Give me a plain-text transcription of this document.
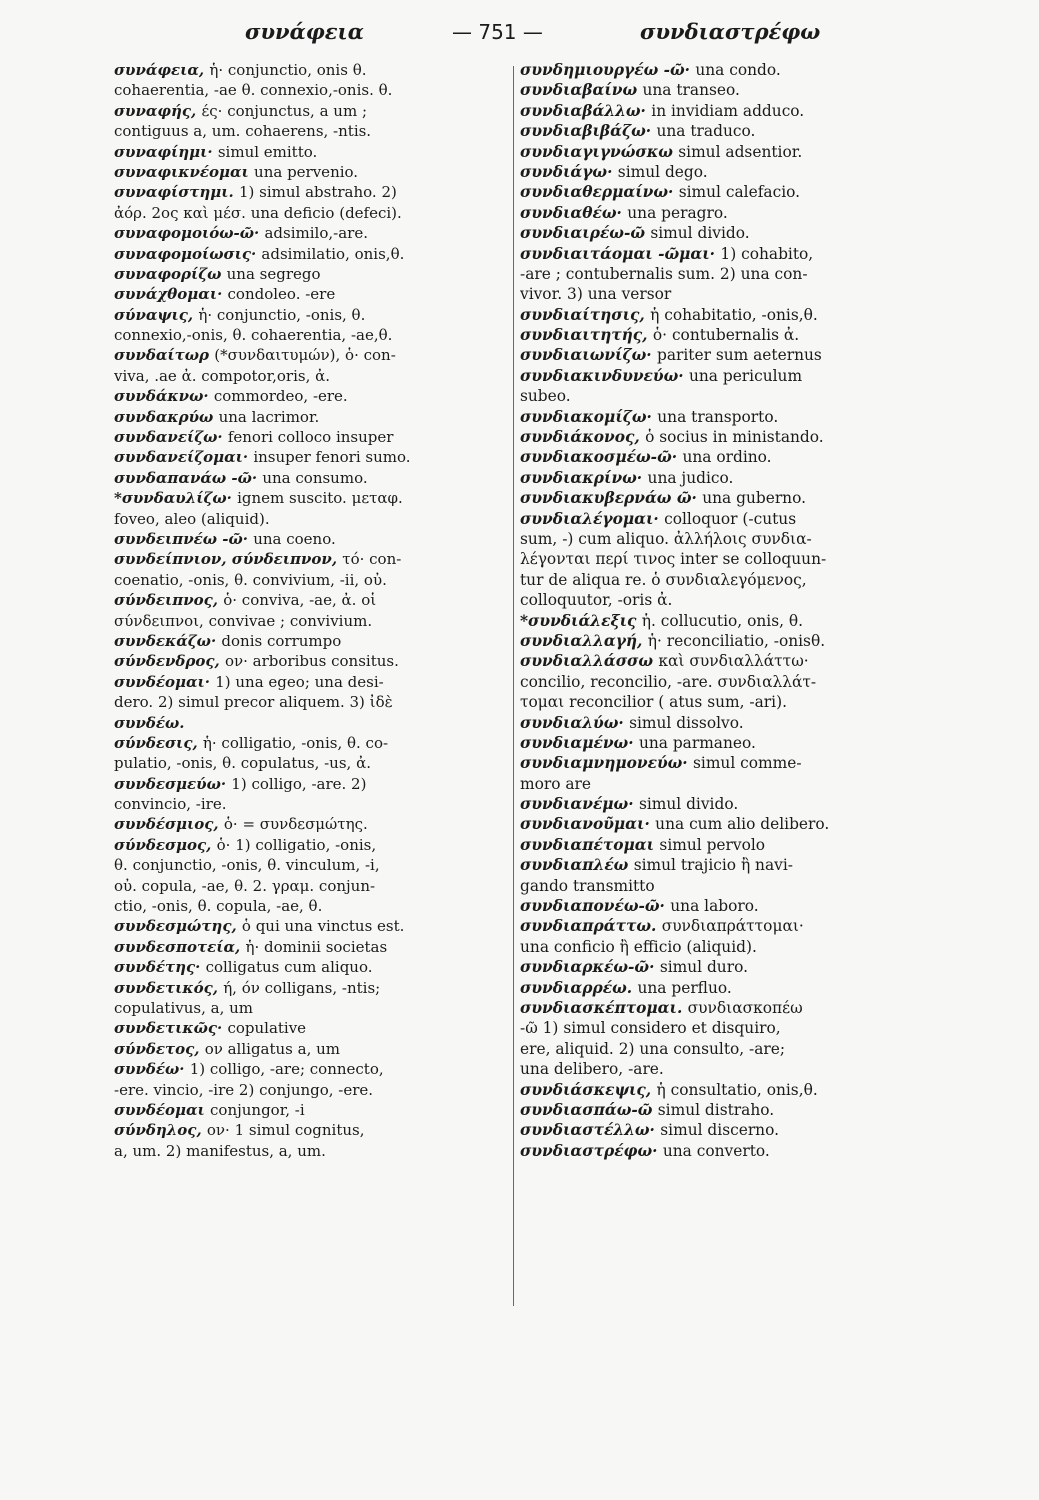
συνάφεια	— 751 —	συνδιαστρέφω
συνάφεια, ἡ· conjunctio, onis θ.
cohaerentia, -ae θ. connexio,-onis. θ.
συναφής, ές· conjunctus, a um ;
contiguus a, um. cohaerens, -ntis.
συναφίημι· simul emitto.
συναφικνέομαι una pervenio.
συναφίστημι. 1) simul abstraho. 2)
ἀόρ. 2ος καὶ μέσ. una deficio (defeci).
συναφομοιόω-ῶ· adsimilo,-are.
συναφομοίωσις· adsimilatio, onis,θ.
συναφορίζω una segrego
συνάχθομαι· condoleo. -ere
σύναψις, ἡ· conjunctio, -onis, θ.
connexio,-onis, θ. cohaerentia, -ae,θ.
συνδαίτωρ (*συνδαιτυμών), ὁ· con-
viva, .ae ἀ. compotor,oris, ἀ.
συνδάκνω· commordeo, -ere.
συνδακρύω una lacrimor.
συνδανείζω· fenori colloco insuper
συνδανείζομαι· insuper fenori sumo.
συνδαπανάω -ῶ· una consumo.
*συνδαυλίζω· ignem suscito. μεταφ.
foveo, aleo (aliquid).
συνδειπνέω -ῶ· una coeno.
συνδείπνιον, σύνδειπνον, τό· con-
coenatio, -onis, θ. convivium, -ii, οὐ.
σύνδειπνος, ὁ· conviva, -ae, ἀ. οἱ
σύνδειπνοι, convivae ; convivium.
συνδεκάζω· donis corrumpo
σύνδενδρος, ον· arboribus consitus.
συνδέομαι· 1) una egeo; una desi-
dero. 2) simul precor aliquem. 3) ἰδὲ
συνδέω.
σύνδεσις, ἡ· colligatio, -onis, θ. co-
pulatio, -onis, θ. copulatus, -us, ἀ.
συνδεσμεύω· 1) colligo, -are. 2)
convincio, -ire.
συνδέσμιος, ὁ· = συνδεσμώτης.
σύνδεσμος, ὁ· 1) colligatio, -onis,
θ. conjunctio, -onis, θ. vinculum, -i,
οὐ. copula, -ae, θ. 2. γραμ. conjun-
ctio, -onis, θ. copula, -ae, θ.
συνδεσμώτης, ὁ qui una vinctus est.
συνδεσποτεία, ἡ· dominii societas
συνδέτης· colligatus cum aliquo.
συνδετικός, ή, όν colligans, -ntis;
copulativus, a, um
συνδετικῶς· copulative
σύνδετος, ον alligatus a, um
συνδέω· 1) colligo, -are; connecto,
-ere. vincio, -ire 2) conjungo, -ere.
συνδέομαι conjungor, -i
σύνδηλος, ον· 1 simul cognitus,
a, um. 2) manifestus, a, um.
συνδημιουργέω -ῶ· una condo.
συνδιαβαίνω una transeo.
συνδιαβάλλω· in invidiam adduco.
συνδιαβιβάζω· una traduco.
συνδιαγιγνώσκω simul adsentior.
συνδιάγω· simul dego.
συνδιαθερμαίνω· simul calefacio.
συνδιαθέω· una peragro.
συνδιαιρέω-ῶ simul divido.
συνδιαιτάομαι -ῶμαι· 1) cohabito,
-are ; contubernalis sum. 2) una con-
vivor. 3) una versor
συνδιαίτησις, ἡ cohabitatio, -onis,θ.
συνδιαιτητής, ὁ· contubernalis ἀ.
συνδιαιωνίζω· pariter sum aeternus
συνδιακινδυνεύω· una periculum
subeo.
συνδιακομίζω· una transporto.
συνδιάκονος, ὁ socius in ministando.
συνδιακοσμέω-ῶ· una ordino.
συνδιακρίνω· una judico.
συνδιακυβερνάω ῶ· una guberno.
συνδιαλέγομαι· colloquor (-cutus
sum, -) cum aliquo. ἀλλήλοις συνδια-
λέγονται περί τινος inter se colloquun-
tur de aliqua re. ὁ συνδιαλεγόμενος,
colloquutor, -oris ἀ.
*συνδιάλεξις ἡ. collucutio, onis, θ.
συνδιαλλαγή, ἡ· reconciliatio, -onisθ.
συνδιαλλάσσω καὶ συνδιαλλάττω·
concilio, reconcilio, -are. συνδιαλλάτ-
τομαι reconcilior ( atus sum, -ari).
συνδιαλύω· simul dissolvo.
συνδιαμένω· una parmaneo.
συνδιαμνημονεύω· simul comme-
moro are
συνδιανέμω· simul divido.
συνδιανοῦμαι· una cum alio delibero.
συνδιαπέτομαι simul pervolo
συνδιαπλέω simul trajicio ἢ navi-
gando transmitto
συνδιαπονέω-ῶ· una laboro.
συνδιαπράττω. συνδιαπράττομαι·
una conficio ἢ efficio (aliquid).
συνδιαρκέω-ῶ· simul duro.
συνδιαρρέω. una perfluo.
συνδιασκέπτομαι. συνδιασκοπέω
-ῶ 1) simul considero et disquiro,
ere, aliquid. 2) una consulto, -are;
una delibero, -are.
συνδιάσκεψις, ἡ consultatio, onis,θ.
συνδιασπάω-ῶ simul distraho.
συνδιαστέλλω· simul discerno.
συνδιαστρέφω· una converto.
